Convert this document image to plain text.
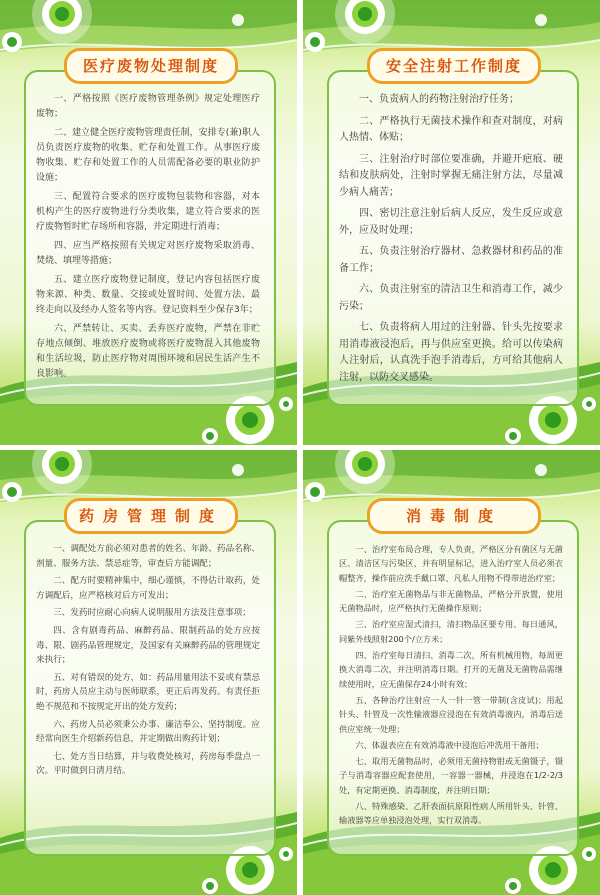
医疗废物处理制度

一、严格按照《医疗废物管理条例》规定处理医疗废物；

二、建立健全医疗废物管理责任制，安排专(兼)职人员负责医疗废物的收集、贮存和处置工作。从事医疗废物收集、贮存和处置工作的人员需配备必要的职业防护设施；

三、配置符合要求的医疗废物包装物和容器，对本机构产生的医疗废物进行分类收集，建立符合要求的医疗废物暂时贮存场所和容器，并定期进行消毒；

四、应当严格按照有关规定对医疗废物采取消毒、焚烧、填埋等措施；

五、建立医疗废物登记制度，登记内容包括医疗废物来源、种类、数量、交接或处置时间、处置方法、最终走向以及经办人签名等内容。登记资料至少保存3年；

六、严禁转让、买卖、丢弃医疗废物，严禁在非贮存地点倾倒、堆放医疗废物或将医疗废物混入其他废物和生活垃圾，防止医疗物对周围环境和居民生活产生不良影响。

安全注射工作制度

一、负责病人的药物注射治疗任务；

二、严格执行无菌技术操作和查对制度，对病人热情、体贴；

三、注射治疗时部位要准确，并避开疤痕、硬结和皮肤病处，注射时掌握无痛注射方法，尽量减少病人痛苦；

四、密切注意注射后病人反应，发生反应或意外，应及时处理；

五、负责注射治疗器材、急救器材和药品的准备工作；

六、负责注射室的清洁卫生和消毒工作，减少污染；

七、负责将病人用过的注射器、针头先按要求用消毒液浸泡后，再与供应室更换。给可以传染病人注射后，认真洗手泡手消毒后，方可给其他病人注射，以防交叉感染。

药房管理制度

一、调配处方前必须对患者的姓名、年龄、药品名称、剂量、服务方法、禁忌症等，审查后方能调配；

二、配方时要精神集中，细心谨慎，不得估计取药，处方调配后，应严格核对后方可发出；

三、发药时应耐心向病人说明服用方法及注意事项；

四、含有剧毒药品、麻醉药品、限制药品的处方应按毒、限、剧药品管理规定，及国家有关麻醉药品的管理规定来执行；

五、对有错误的处方，如：药品用量用法不妥或有禁忌时，药房人员应主动与医师联系，更正后再发药。有责任拒绝不规范和不按规定开出的处方发药；

六、药房人员必须秉公办事、廉洁奉公、坚持制度。应经常向医生介绍新药信息，并定期做出购药计划；

七、处方当日结算，并与收费处核对，药房每季盘点一次。平时做到日清月结。

消毒制度

一、治疗室布局合理，专人负责，严格区分有菌区与无菌区、清洁区与污染区，并有明显标记，进入治疗室人员必须衣帽整齐，操作前应洗手戴口罩、凡私人用物不得带进治疗室；

二、治疗室无菌物品与非无菌物品，严格分开放置，使用无菌物品时，应严格执行无菌操作原则；

三、治疗室应湿式清扫，清扫物品区要专用、每日通风，同紫外线照射200个/立方米；

四、治疗室每日清扫、消毒二次，所有机械用物，每周更换大消毒二次，并注明消毒日期。打开的无菌及无菌物品需继续使用时，应无菌保存24小时有效；

五、各种治疗注射应一人一针一管一带制(含皮试)；用起针头、针管及一次性输液器应浸泡在有效消毒液内，消毒后送供应室统一处理；

六、体温表应在有效消毒液中浸泡后冲洗用干备用；

七、取用无菌物品时，必须用无菌持物钳或无菌镊子，镊子与消毒容器应配套使用，一容器一器械，并浸泡在1/2-2/3处，有定期更换、消毒制度，并注明日期；

八、特殊感染、乙肝表面抗原阳性病人所用针头、针管、输液器等应单独浸泡处理，实行双消毒。
